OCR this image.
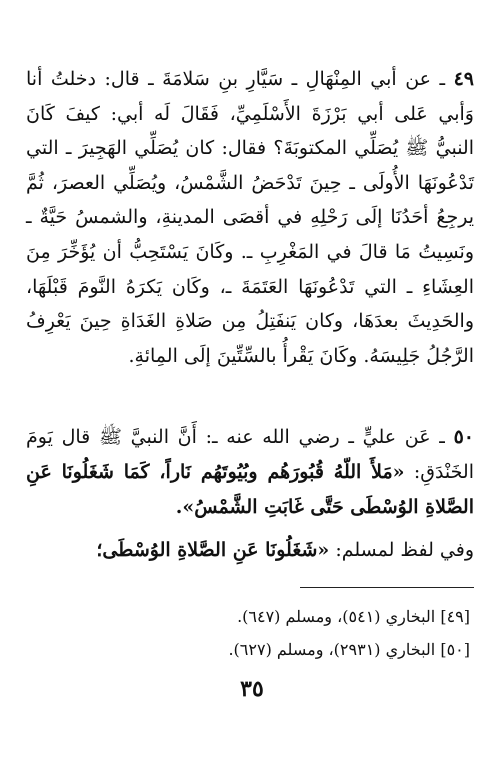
٤٩ ـ عن أبي المِنْهَالِ ـ سَيَّارِ بنِ سَلامَةَ ـ قال: دخلتُ أنا وَأبي عَلى أبي بَرْزَةَ الأَسْلَمِيِّ، فَقَالَ لَه أبي: كيفَ كَانَ النبيُّ ﷺ يُصَلِّي المكتوبَةَ؟ فقال: كان يُصَلِّي الهَجِيرَ ـ التي تَدْعُونَهَا الأُولَى ـ حِينَ تَدْحَضُ الشَّمْسُ، ويُصَلِّي العصرَ، ثُمَّ يرجِعُ أحَدُنَا إلَى رَحْلِهِ في أقصَى المدينةِ، والشمسُ حَيَّةٌ ـ ونَسِيتُ مَا قالَ في المَغْرِبِ ـ. وكَانَ يَسْتَحِبُّ أن يُؤَخِّرَ مِنَ العِشَاءِ ـ التي تَدْعُونَهَا العَتَمَةَ ـ، وكَان يَكرَهُ النَّومَ قَبْلَهَا، والحَدِيثَ بعدَهَا، وكان يَنفَتِلُ مِن صَلاةِ الغَدَاةِ حِينَ يَعْرِفُ الرَّجُلُ جَلِيسَهُ. وكَانَ يَقْرأُ بالسِّتِّينَ إلَى المِائةِ.
٥٠ ـ عَن عليٍّ ـ رضي الله عنه ـ: أَنَّ النبيَّ ﷺ قال يَومَ الخَنْدَقِ: «مَلأَ اللّهُ قُبُورَهُم وبُيُوتَهُم نَاراً، كَمَا شَغَلُونَا عَنِ الصَّلاةِ الوُسْطَى حَتَّى غَابَتِ الشَّمْسُ».
وفي لفظ لمسلم: «شَغَلُونَا عَنِ الصَّلاةِ الوُسْطَى؛
[٤٩] البخاري (٥٤١)، ومسلم (٦٤٧).
[٥٠] البخاري (٢٩٣١)، ومسلم (٦٢٧).
٣٥
